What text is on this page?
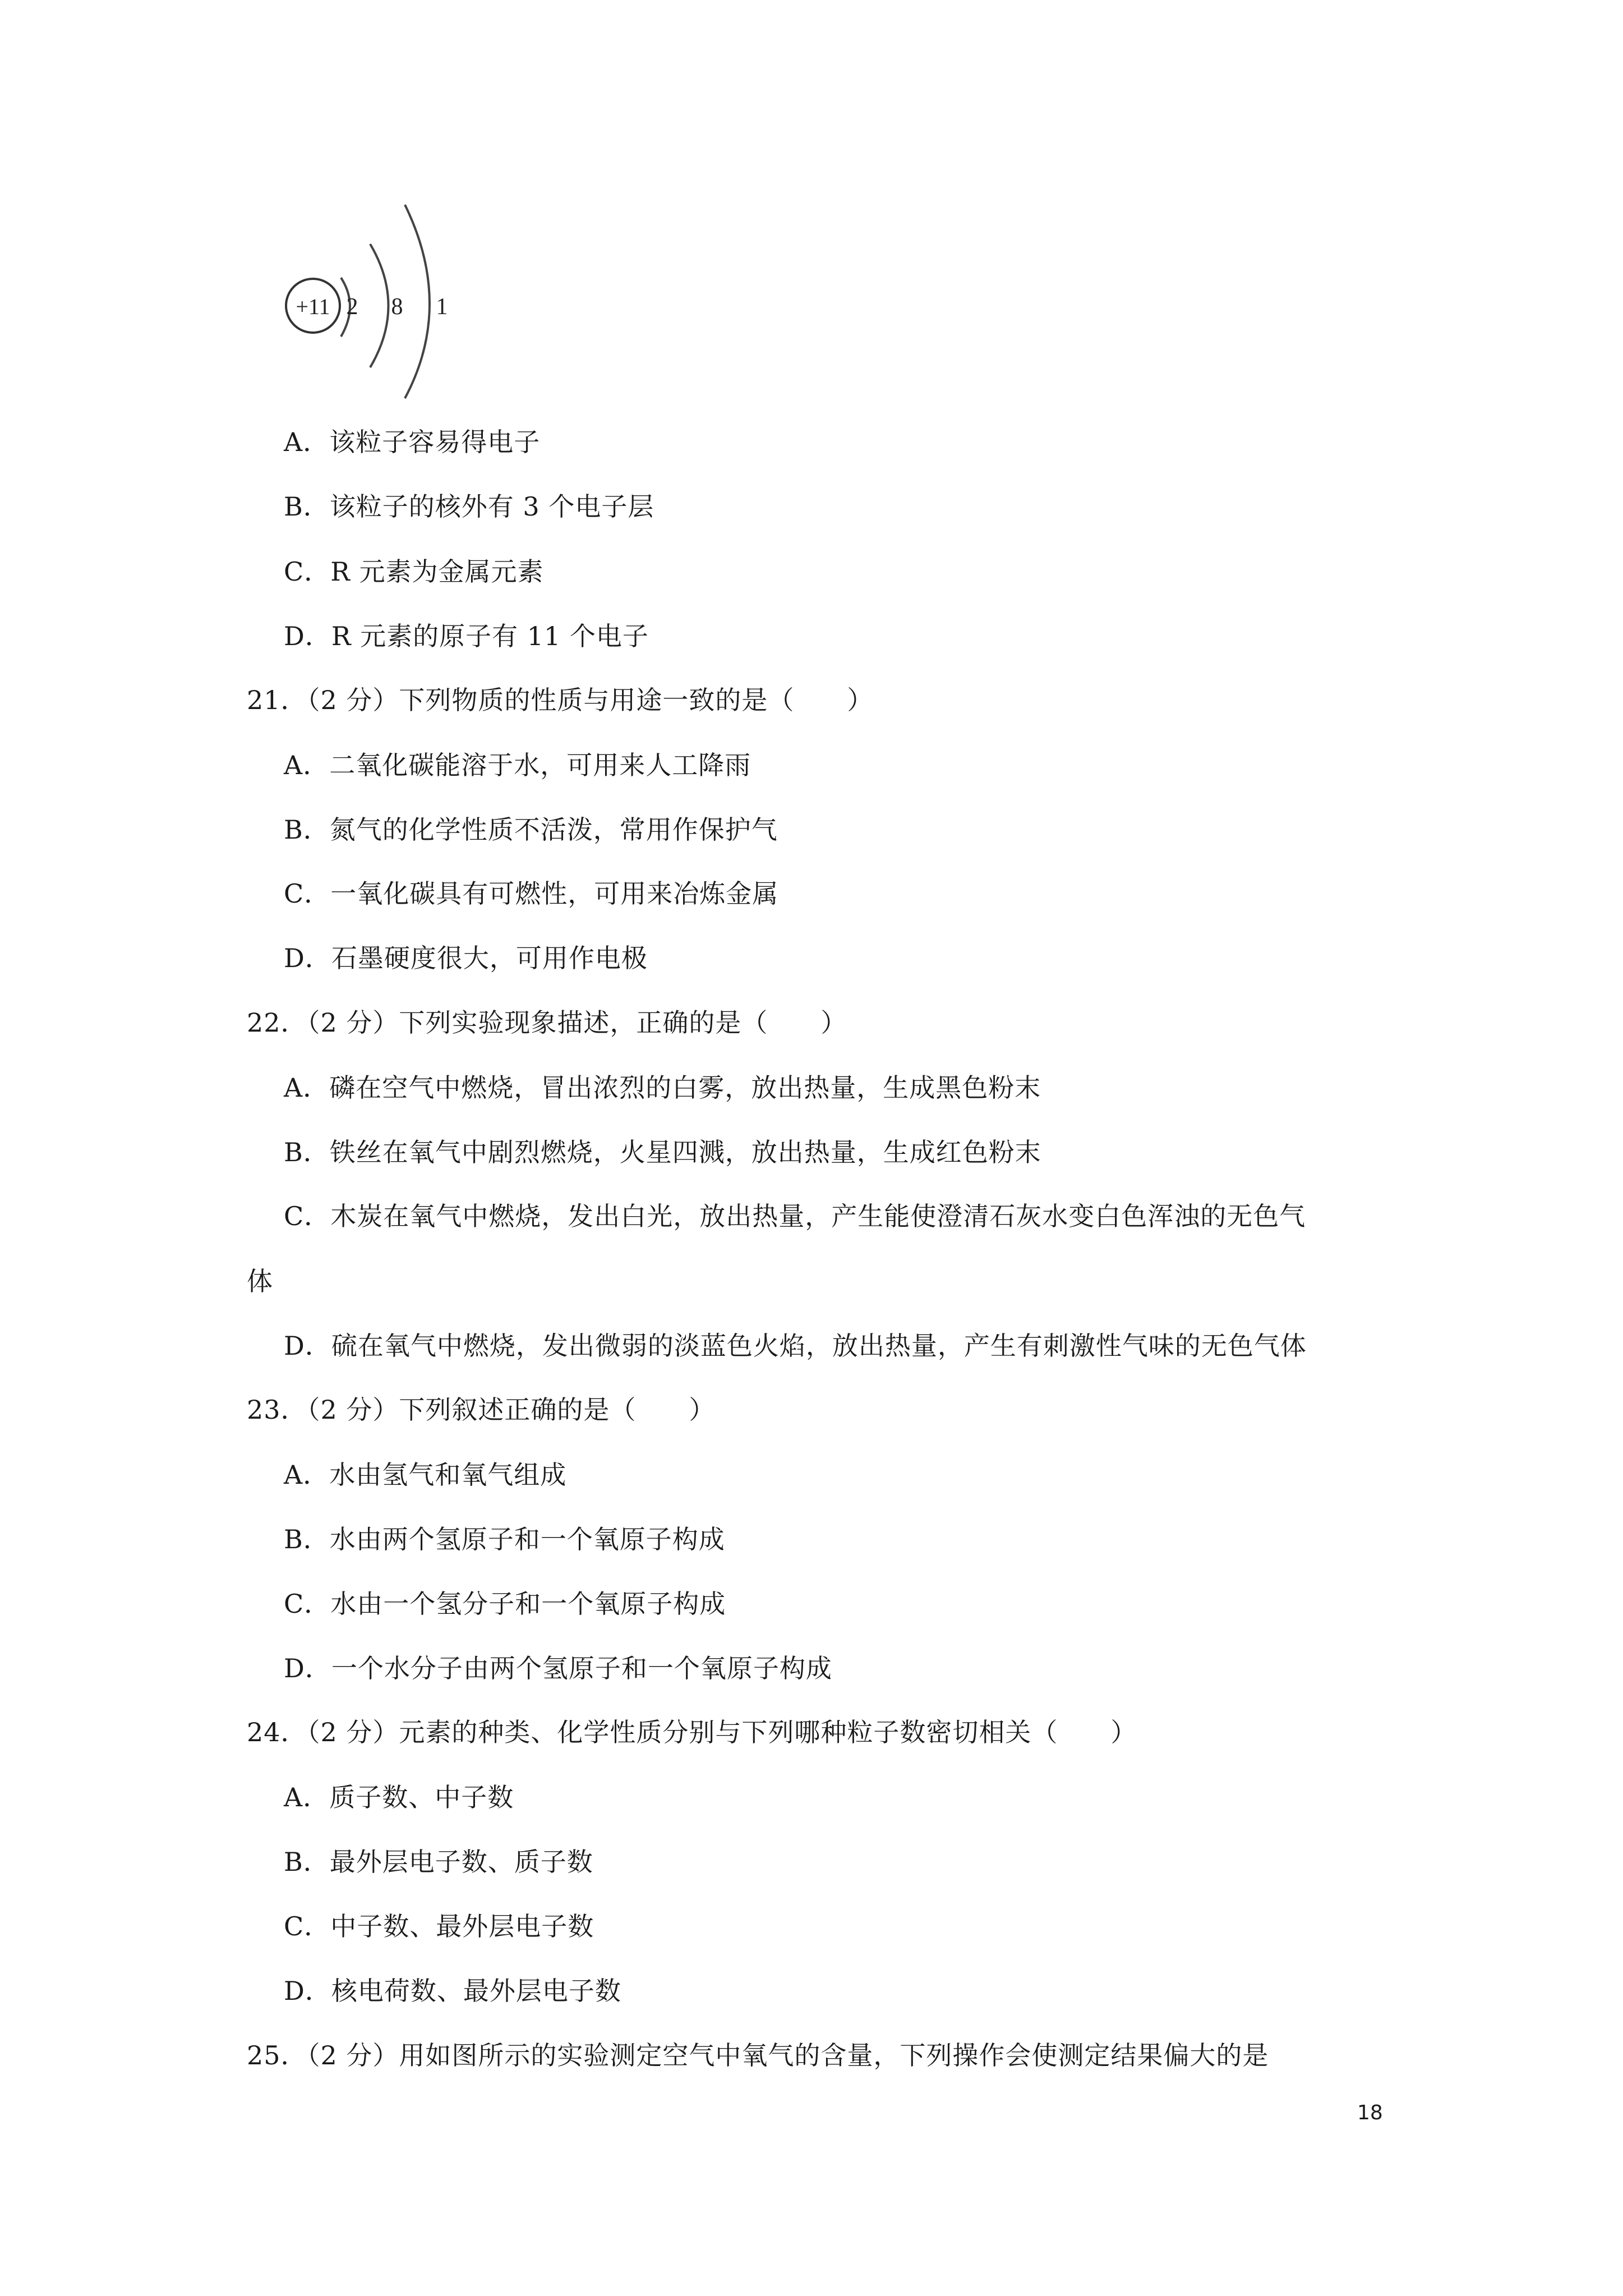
+11 2 8 1
A．该粒子容易得电子
B．该粒子的核外有 3 个电子层
C．R 元素为金属元素
D．R 元素的原子有 11 个电子
21．（2 分）下列物质的性质与用途一致的是（　　）
A．二氧化碳能溶于水，可用来人工降雨
B．氮气的化学性质不活泼，常用作保护气
C．一氧化碳具有可燃性，可用来冶炼金属
D．石墨硬度很大，可用作电极
22．（2 分）下列实验现象描述，正确的是（　　）
A．磷在空气中燃烧，冒出浓烈的白雾，放出热量，生成黑色粉末
B．铁丝在氧气中剧烈燃烧，火星四溅，放出热量，生成红色粉末
C．木炭在氧气中燃烧，发出白光，放出热量，产生能使澄清石灰水变白色浑浊的无色气
体
D．硫在氧气中燃烧，发出微弱的淡蓝色火焰，放出热量，产生有刺激性气味的无色气体
23．（2 分）下列叙述正确的是（　　）
A．水由氢气和氧气组成
B．水由两个氢原子和一个氧原子构成
C．水由一个氢分子和一个氧原子构成
D．一个水分子由两个氢原子和一个氧原子构成
24．（2 分）元素的种类、化学性质分别与下列哪种粒子数密切相关（　　）
A．质子数、中子数
B．最外层电子数、质子数
C．中子数、最外层电子数
D．核电荷数、最外层电子数
25．（2 分）用如图所示的实验测定空气中氧气的含量，下列操作会使测定结果偏大的是
18
